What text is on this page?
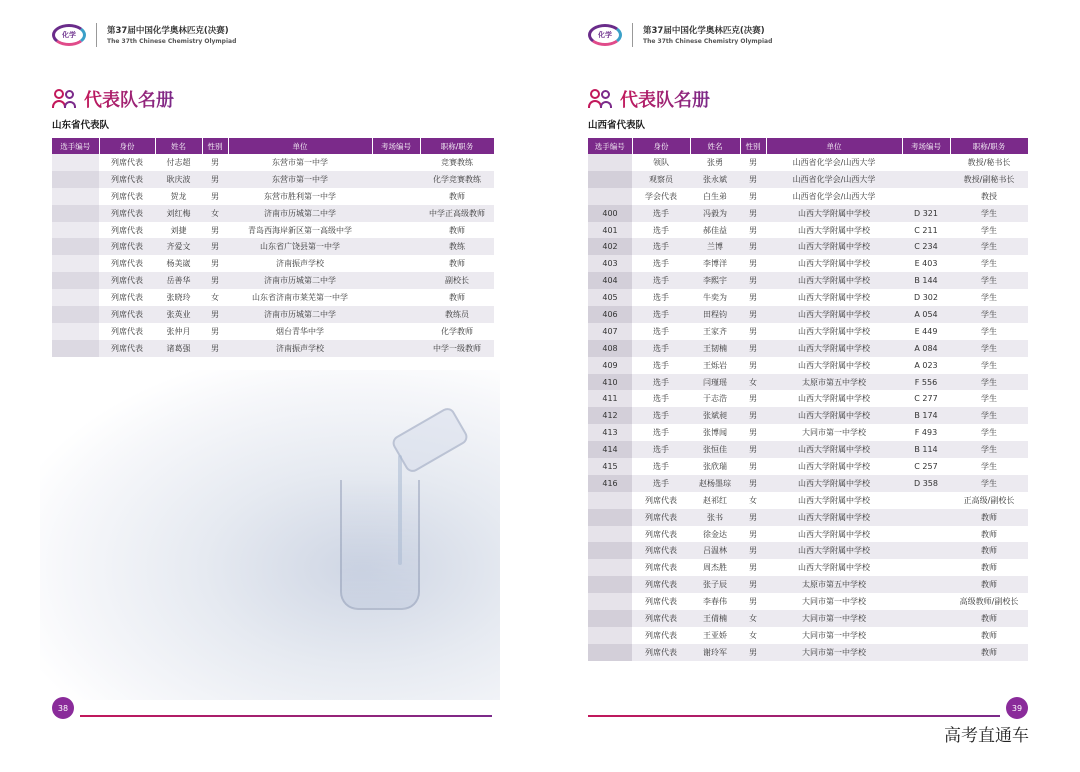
化学	第37届中国化学奥林匹克(决赛)
The 37th Chinese Chemistry Olympiad
代表队名册
山东省代表队
选手编号	身份	姓名	性别	单位	考场编号	职称/职务
	列席代表	付志超	男	东营市第一中学		竞赛教练
	列席代表	耿庆波	男	东营市第一中学		化学竞赛教练
	列席代表	贺龙	男	东营市胜利第一中学		教师
	列席代表	刘红梅	女	济南市历城第二中学		中学正高级教师
	列席代表	刘捷	男	青岛西海岸新区第一高级中学		教师
	列席代表	齐爱文	男	山东省广饶县第一中学		教练
	列席代表	杨美崴	男	济南振声学校		教师
	列席代表	岳善华	男	济南市历城第二中学		副校长
	列席代表	张晓玲	女	山东省济南市莱芜第一中学		教师
	列席代表	张英业	男	济南市历城第二中学		教练员
	列席代表	张仲月	男	烟台青华中学		化学教师
	列席代表	诸葛强	男	济南振声学校		中学一级教师
38
化学	第37届中国化学奥林匹克(决赛)
The 37th Chinese Chemistry Olympiad
代表队名册
山西省代表队
选手编号	身份	姓名	性别	单位	考场编号	职称/职务
	领队	张勇	男	山西省化学会/山西大学		教授/秘书长
	观察员	张永斌	男	山西省化学会/山西大学		教授/副秘书长
	学会代表	白生弟	男	山西省化学会/山西大学		教授
400	选手	冯毅为	男	山西大学附属中学校	D 321	学生
401	选手	郝佳益	男	山西大学附属中学校	C 211	学生
402	选手	兰博	男	山西大学附属中学校	C 234	学生
403	选手	李博洋	男	山西大学附属中学校	E 403	学生
404	选手	李熙宇	男	山西大学附属中学校	B 144	学生
405	选手	牛奕为	男	山西大学附属中学校	D 302	学生
406	选手	田程钧	男	山西大学附属中学校	A 054	学生
407	选手	王家齐	男	山西大学附属中学校	E 449	学生
408	选手	王韧楠	男	山西大学附属中学校	A 084	学生
409	选手	王烁岩	男	山西大学附属中学校	A 023	学生
410	选手	闫瑾瑶	女	太原市第五中学校	F 556	学生
411	选手	于志浩	男	山西大学附属中学校	C 277	学生
412	选手	张斌昶	男	山西大学附属中学校	B 174	学生
413	选手	张博闻	男	大同市第一中学校	F 493	学生
414	选手	张恒佳	男	山西大学附属中学校	B 114	学生
415	选手	张欣瑞	男	山西大学附属中学校	C 257	学生
416	选手	赵杨墨琮	男	山西大学附属中学校	D 358	学生
	列席代表	赵祁红	女	山西大学附属中学校		正高级/副校长
	列席代表	张书	男	山西大学附属中学校		教师
	列席代表	徐金达	男	山西大学附属中学校		教师
	列席代表	吕温林	男	山西大学附属中学校		教师
	列席代表	周杰胜	男	山西大学附属中学校		教师
	列席代表	张子辰	男	太原市第五中学校		教师
	列席代表	李春伟	男	大同市第一中学校		高级教师/副校长
	列席代表	王倩楠	女	大同市第一中学校		教师
	列席代表	王亚娇	女	大同市第一中学校		教师
	列席代表	谢玲军	男	大同市第一中学校		教师
39
高考直通车
